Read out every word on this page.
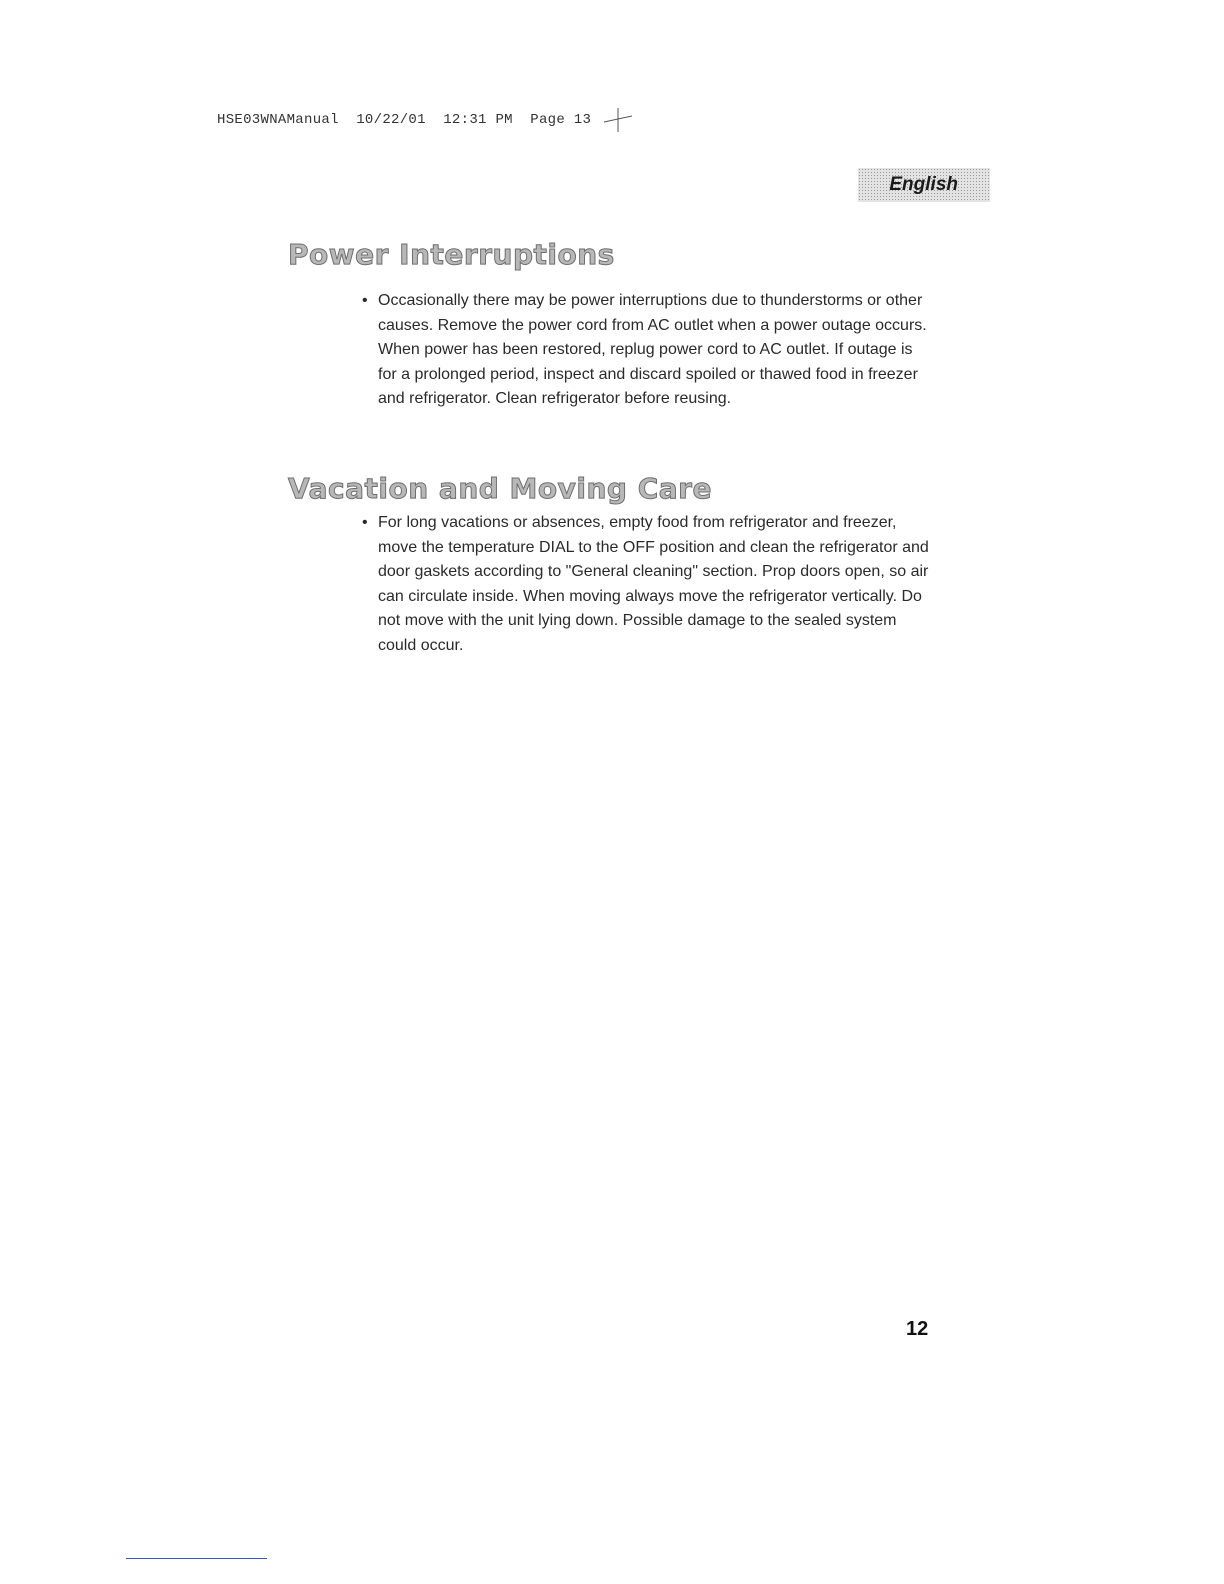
HSE03WNAManual  10/22/01  12:31 PM  Page 13
English
Power Interruptions
• Occasionally there may be power interruptions due to thunderstorms or other causes. Remove the power cord from AC outlet when a power outage occurs. When power has been restored, replug power cord to AC outlet. If outage is for a prolonged period, inspect and discard spoiled or thawed food in freezer and refrigerator. Clean refrigerator before reusing.
Vacation and Moving Care
• For long vacations or absences, empty food from refrigerator and freezer, move the temperature DIAL to the OFF position and clean the refrigerator and door gaskets according to "General cleaning" section. Prop doors open, so air can circulate inside. When moving always move the refrigerator vertically. Do not move with the unit lying down. Possible damage to the sealed system could occur.
12
